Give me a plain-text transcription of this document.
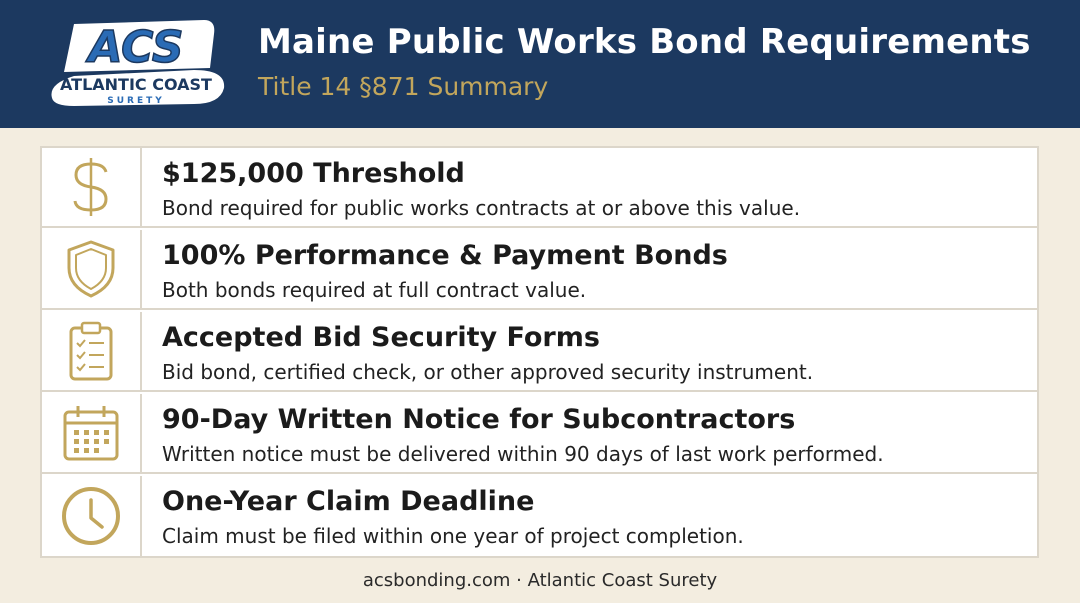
ACS
ATLANTIC COAST
SURETY
Maine Public Works Bond Requirements
Title 14 §871 Summary
$125,000 Threshold
Bond required for public works contracts at or above this value.
100% Performance & Payment Bonds
Both bonds required at full contract value.
Accepted Bid Security Forms
Bid bond, certified check, or other approved security instrument.
90-Day Written Notice for Subcontractors
Written notice must be delivered within 90 days of last work performed.
One-Year Claim Deadline
Claim must be filed within one year of project completion.
acsbonding.com · Atlantic Coast Surety
